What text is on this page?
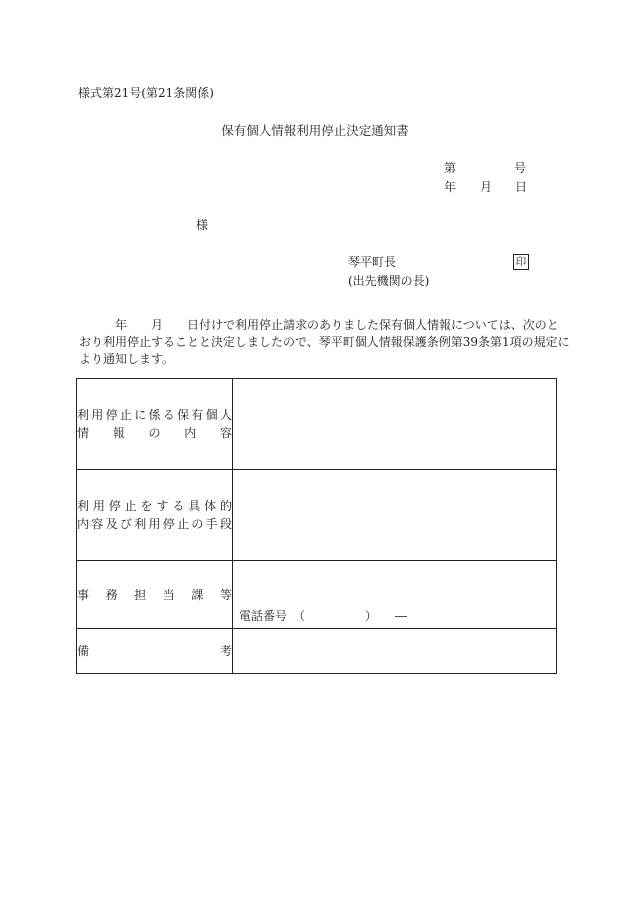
様式第21号(第21条関係)
保有個人情報利用停止決定通知書
第	号
年 月 日
様
琴平町長
(出先機関の長)
印
　　　年　　月　　日付けで利用停止請求のありました保有個人情報については、次のと
おり利用停止することと決定しましたので、琴平町個人情報保護条例第39条第1項の規定に
より通知します。
利用停止に係る保有個人
情報の内容	

利用停止をする具体的
内容及び利用停止の手段	

事務担当課等	電話番号　（　　　　　）　　―

備考	
